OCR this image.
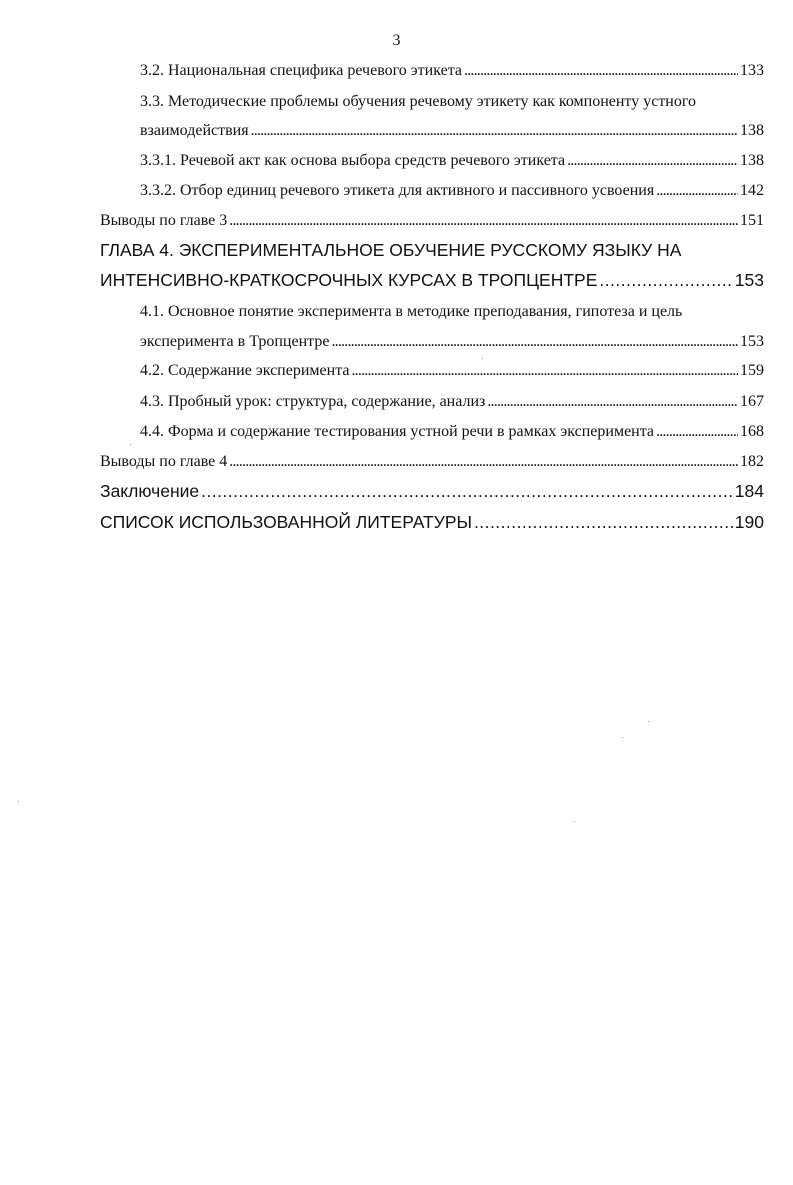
3
3.2. Национальная специфика речевого этикета . . .	133
3.3. Методические проблемы обучения речевому этикету как компоненту устного
взаимодействия . . .	138
3.3.1. Речевой акт как основа выбора средств речевого этикета . . .	138
3.3.2. Отбор единиц речевого этикета для активного и пассивного усвоения . . .	142
Выводы по главе 3 . . .	151
ГЛАВА 4. ЭКСПЕРИМЕНТАЛЬНОЕ ОБУЧЕНИЕ РУССКОМУ ЯЗЫКУ НА
ИНТЕНСИВНО-КРАТКОСРОЧНЫХ КУРСАХ В ТРОПЦЕНТРЕ . . .	153
4.1. Основное понятие эксперимента в методике преподавания, гипотеза и цель
эксперимента в Тропцентре . . .	153
4.2. Содержание эксперимента . . .	159
4.3. Пробный урок: структура, содержание, анализ . . .	167
4.4. Форма и содержание тестирования устной речи в рамках эксперимента . . .	168
Выводы по главе 4 . . .	182
Заключение . . .	184
СПИСОК ИСПОЛЬЗОВАННОЙ ЛИТЕРАТУРЫ . . .	190
